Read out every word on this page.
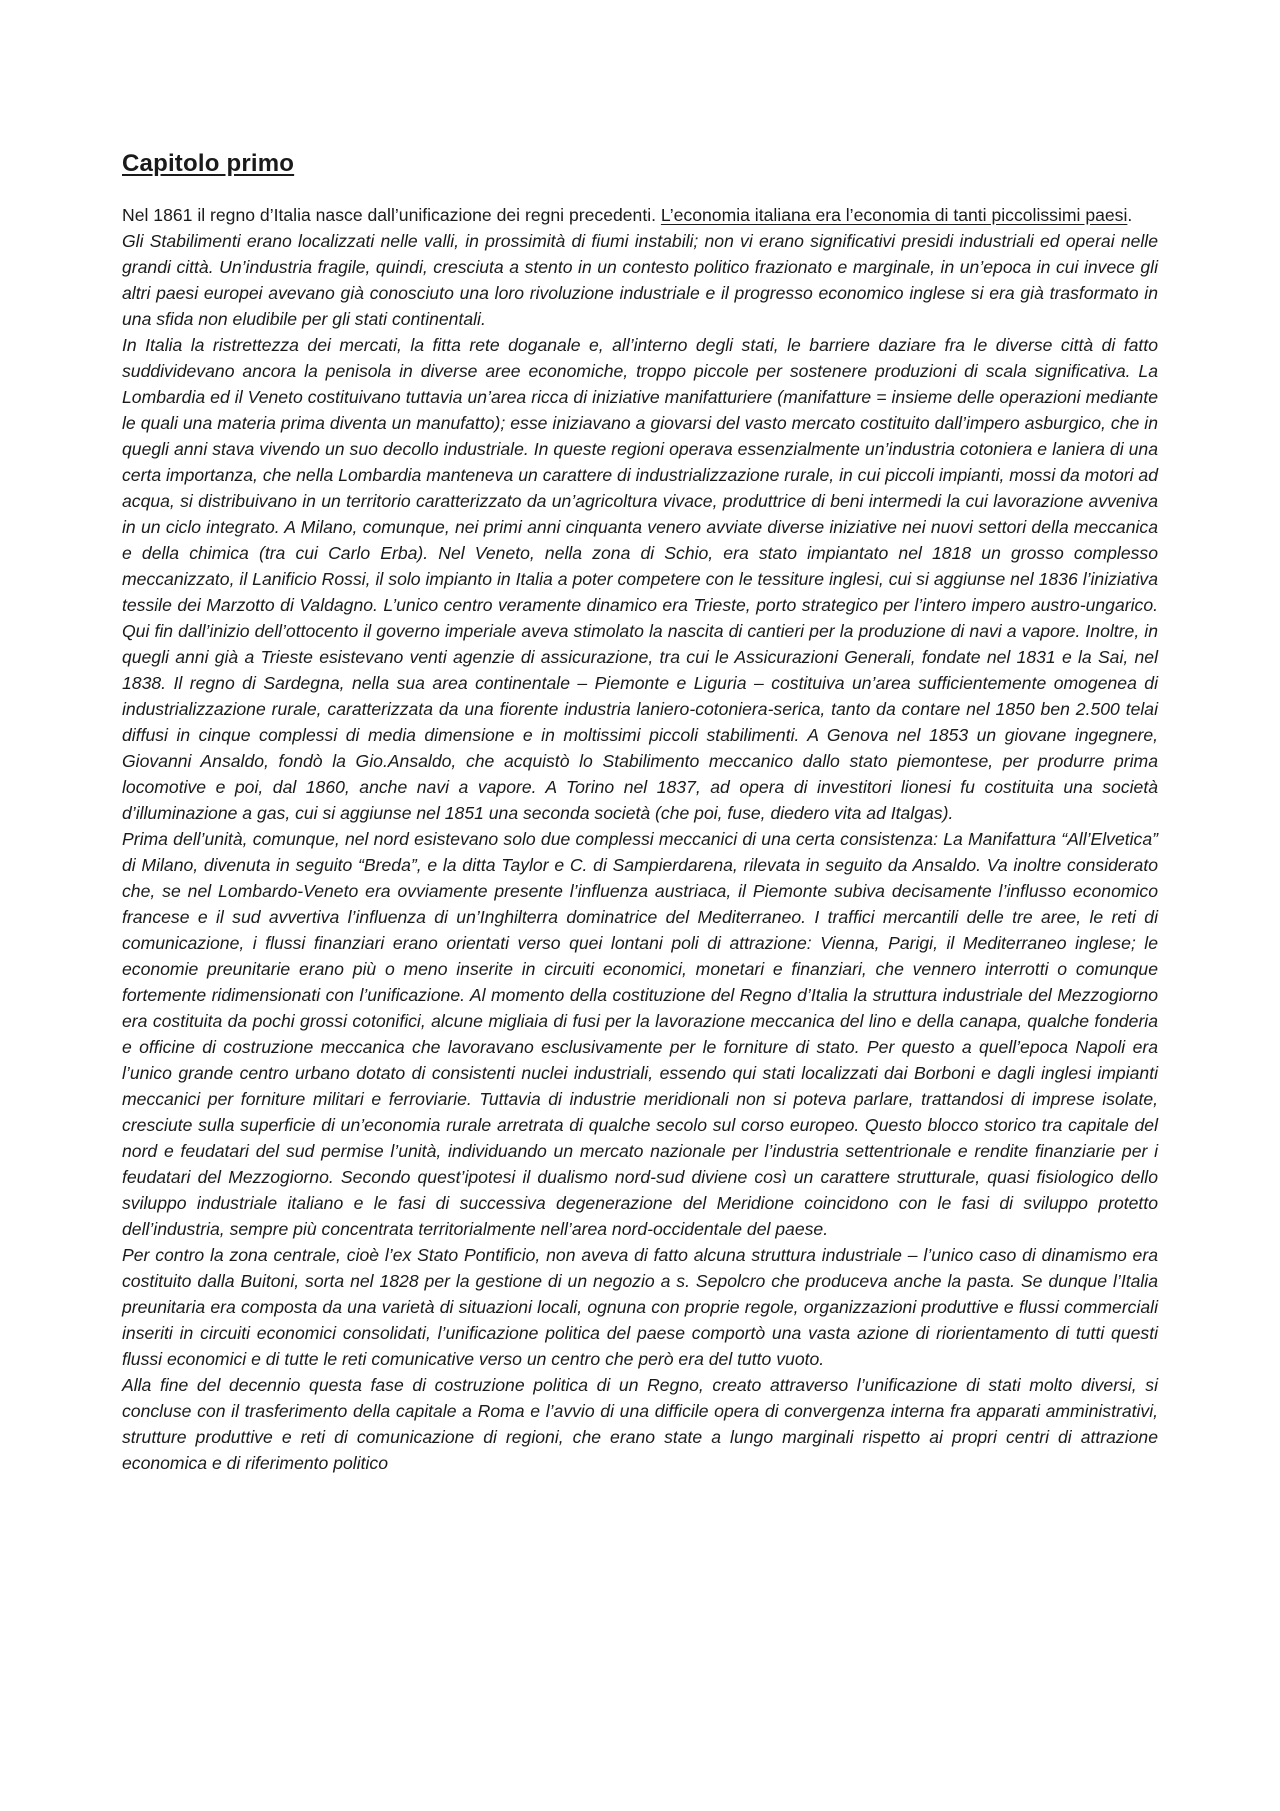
Capitolo primo

Nel 1861 il regno d’Italia nasce dall’unificazione dei regni precedenti. L’economia italiana era l’economia di tanti piccolissimi paesi.

Gli Stabilimenti erano localizzati nelle valli, in prossimità di fiumi instabili; non vi erano significativi presidi industriali ed operai nelle grandi città. Un’industria fragile, quindi, cresciuta a stento in un contesto politico frazionato e marginale, in un’epoca in cui invece gli altri paesi europei avevano già conosciuto una loro rivoluzione industriale e il progresso economico inglese si era già trasformato in una sfida non eludibile per gli stati continentali.

In Italia la ristrettezza dei mercati, la fitta rete doganale e, all’interno degli stati, le barriere daziare fra le diverse città di fatto suddividevano ancora la penisola in diverse aree economiche, troppo piccole per sostenere produzioni di scala significativa. La Lombardia ed il Veneto costituivano tuttavia un’area ricca di iniziative manifatturiere (manifatture = insieme delle operazioni mediante le quali una materia prima diventa un manufatto); esse iniziavano a giovarsi del vasto mercato costituito dall’impero asburgico, che in quegli anni stava vivendo un suo decollo industriale. In queste regioni operava essenzialmente un’industria cotoniera e laniera di una certa importanza, che nella Lombardia manteneva un carattere di industrializzazione rurale, in cui piccoli impianti, mossi da motori ad acqua, si distribuivano in un territorio caratterizzato da un’agricoltura vivace, produttrice di beni intermedi la cui lavorazione avveniva in un ciclo integrato. A Milano, comunque, nei primi anni cinquanta venero avviate diverse iniziative nei nuovi settori della meccanica e della chimica (tra cui Carlo Erba). Nel Veneto, nella zona di Schio, era stato impiantato nel 1818 un grosso complesso meccanizzato, il Lanificio Rossi, il solo impianto in Italia a poter competere con le tessiture inglesi, cui si aggiunse nel 1836 l’iniziativa tessile dei Marzotto di Valdagno. L’unico centro veramente dinamico era Trieste, porto strategico per l’intero impero austro-ungarico. Qui fin dall’inizio dell’ottocento il governo imperiale aveva stimolato la nascita di cantieri per la produzione di navi a vapore. Inoltre, in quegli anni già a Trieste esistevano venti agenzie di assicurazione, tra cui le Assicurazioni Generali, fondate nel 1831 e la Sai, nel 1838. Il regno di Sardegna, nella sua area continentale – Piemonte e Liguria – costituiva un’area sufficientemente omogenea di industrializzazione rurale, caratterizzata da una fiorente industria laniero-cotoniera-serica, tanto da contare nel 1850 ben 2.500 telai diffusi in cinque complessi di media dimensione e in moltissimi piccoli stabilimenti. A Genova nel 1853 un giovane ingegnere, Giovanni Ansaldo, fondò la Gio.Ansaldo, che acquistò lo Stabilimento meccanico dallo stato piemontese, per produrre prima locomotive e poi, dal 1860, anche navi a vapore. A Torino nel 1837, ad opera di investitori lionesi fu costituita una società d’illuminazione a gas, cui si aggiunse nel 1851 una seconda società (che poi, fuse, diedero vita ad Italgas).

Prima dell’unità, comunque, nel nord esistevano solo due complessi meccanici di una certa consistenza: La Manifattura “All’Elvetica” di Milano, divenuta in seguito “Breda”, e la ditta Taylor e C. di Sampierdarena, rilevata in seguito da Ansaldo. Va inoltre considerato che, se nel Lombardo-Veneto era ovviamente presente l’influenza austriaca, il Piemonte subiva decisamente l’influsso economico francese e il sud avvertiva l’influenza di un’Inghilterra dominatrice del Mediterraneo. I traffici mercantili delle tre aree, le reti di comunicazione, i flussi finanziari erano orientati verso quei lontani poli di attrazione: Vienna, Parigi, il Mediterraneo inglese; le economie preunitarie erano più o meno inserite in circuiti economici, monetari e finanziari, che vennero interrotti o comunque fortemente ridimensionati con l’unificazione. Al momento della costituzione del Regno d’Italia la struttura industriale del Mezzogiorno era costituita da pochi grossi cotonifici, alcune migliaia di fusi per la lavorazione meccanica del lino e della canapa, qualche fonderia e officine di costruzione meccanica che lavoravano esclusivamente per le forniture di stato. Per questo a quell’epoca Napoli era l’unico grande centro urbano dotato di consistenti nuclei industriali, essendo qui stati localizzati dai Borboni e dagli inglesi impianti meccanici per forniture militari e ferroviarie. Tuttavia di industrie meridionali non si poteva parlare, trattandosi di imprese isolate, cresciute sulla superficie di un’economia rurale arretrata di qualche secolo sul corso europeo. Questo blocco storico tra capitale del nord e feudatari del sud permise l’unità, individuando un mercato nazionale per l’industria settentrionale e rendite finanziarie per i feudatari del Mezzogiorno. Secondo quest’ipotesi il dualismo nord-sud diviene così un carattere strutturale, quasi fisiologico dello sviluppo industriale italiano e le fasi di successiva degenerazione del Meridione coincidono con le fasi di sviluppo protetto dell’industria, sempre più concentrata territorialmente nell’area nord-occidentale del paese.

Per contro la zona centrale, cioè l’ex Stato Pontificio, non aveva di fatto alcuna struttura industriale – l’unico caso di dinamismo era costituito dalla Buitoni, sorta nel 1828 per la gestione di un negozio a s. Sepolcro che produceva anche la pasta. Se dunque l’Italia preunitaria era composta da una varietà di situazioni locali, ognuna con proprie regole, organizzazioni produttive e flussi commerciali inseriti in circuiti economici consolidati, l’unificazione politica del paese comportò una vasta azione di riorientamento di tutti questi flussi economici e di tutte le reti comunicative verso un centro che però era del tutto vuoto.

Alla fine del decennio questa fase di costruzione politica di un Regno, creato attraverso l’unificazione di stati molto diversi, si concluse con il trasferimento della capitale a Roma e l’avvio di una difficile opera di convergenza interna fra apparati amministrativi, strutture produttive e reti di comunicazione di regioni, che erano state a lungo marginali rispetto ai propri centri di attrazione economica e di riferimento politico
